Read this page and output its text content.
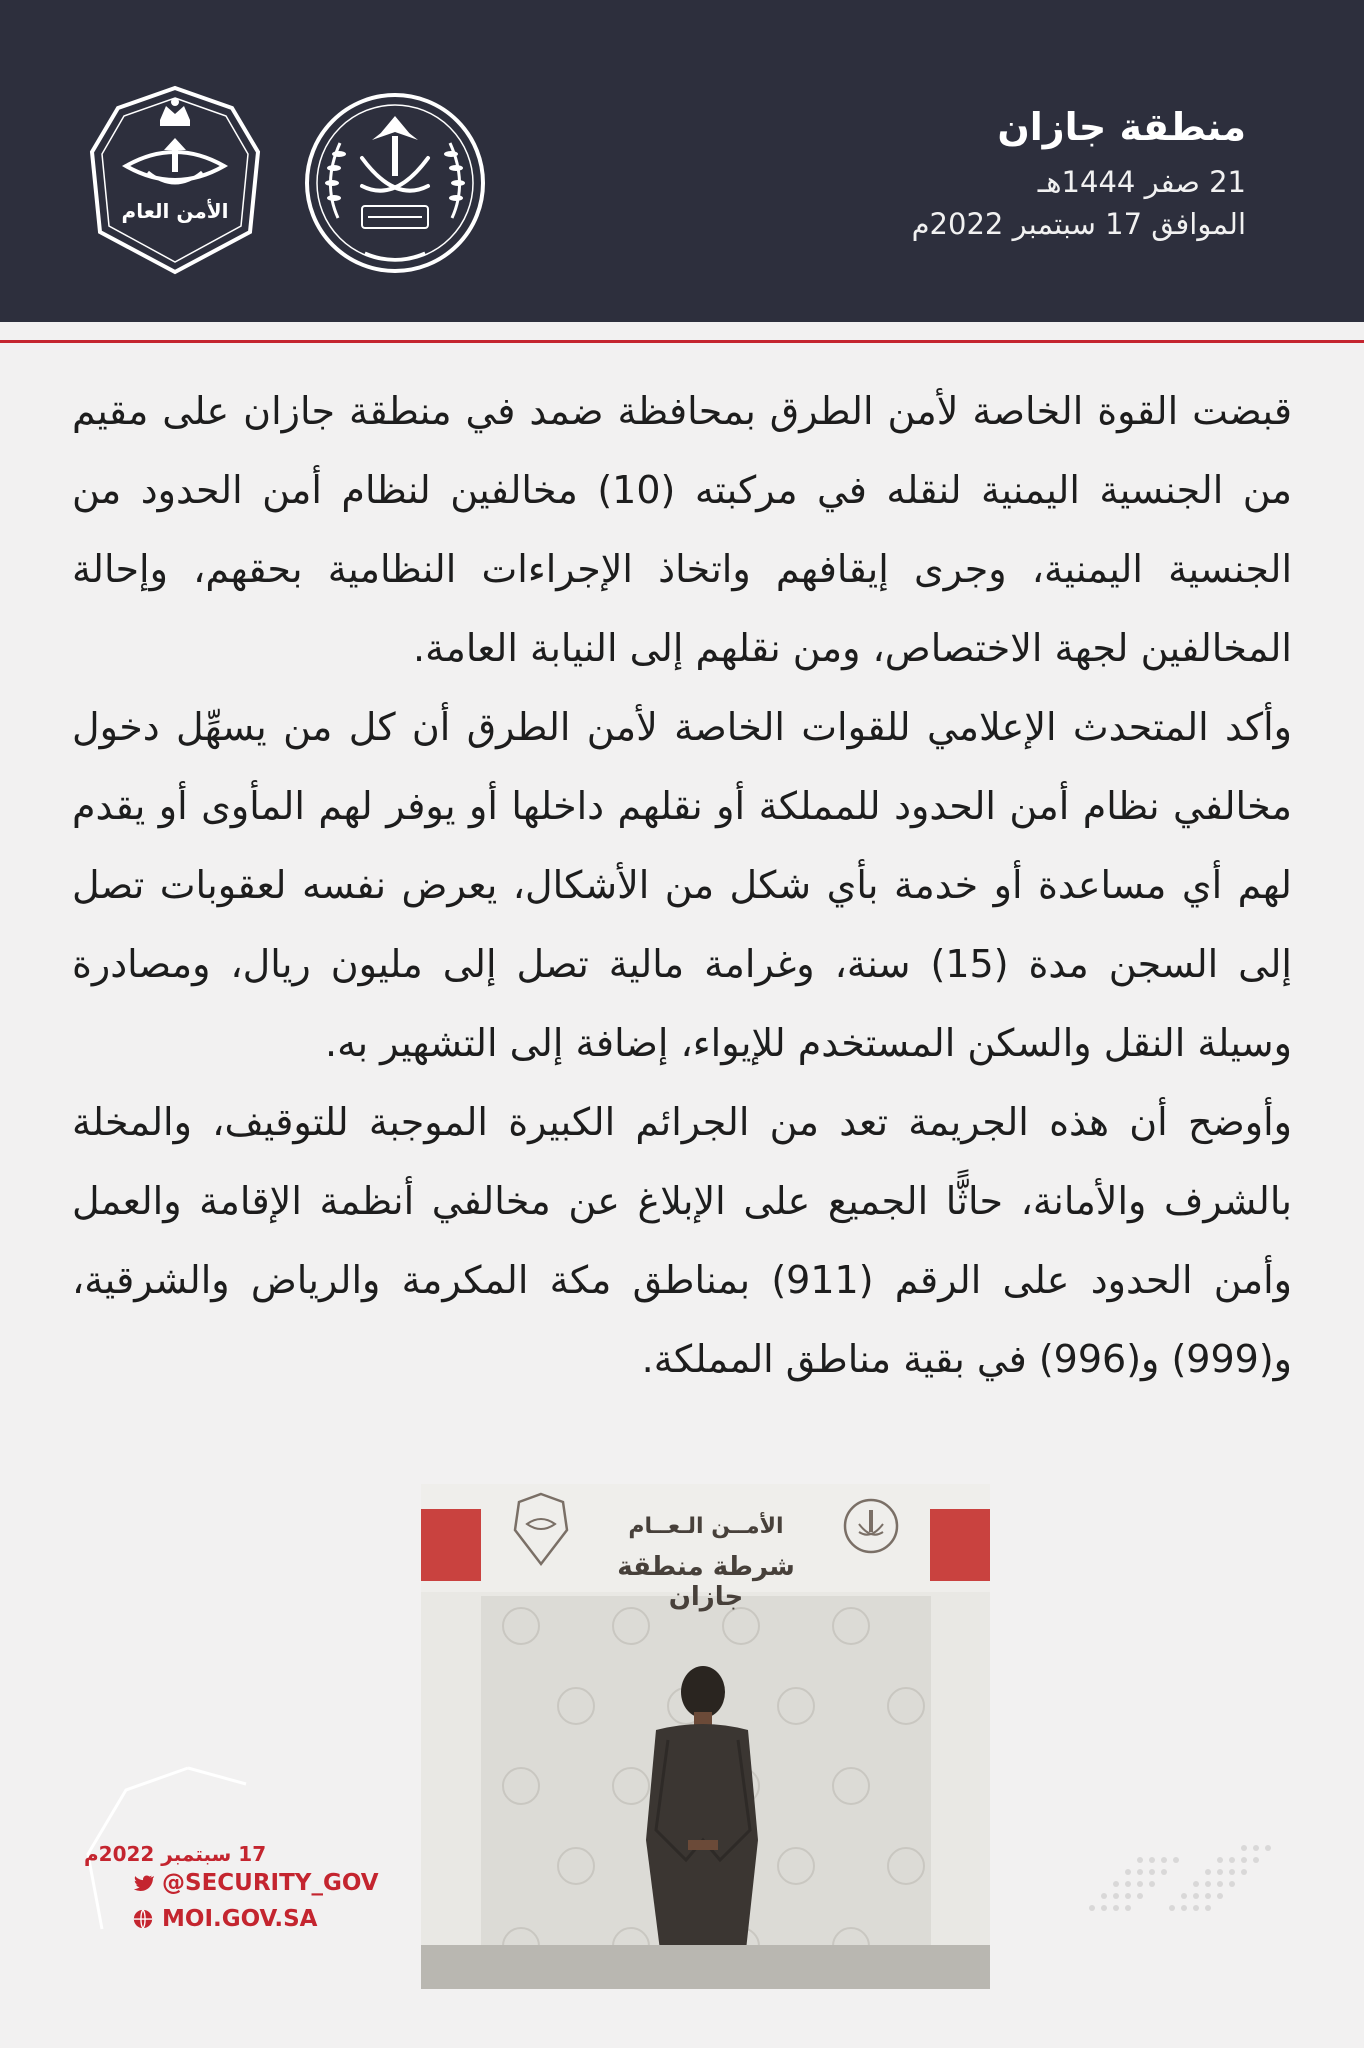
منطقة جازان
21 صفر 1444هـ
الموافق 17 سبتمبر 2022م
الأمن العام

قبضت القوة الخاصة لأمن الطرق بمحافظة ضمد في منطقة جازان على مقيم من الجنسية اليمنية لنقله في مركبته (10) مخالفين لنظام أمن الحدود من الجنسية اليمنية، وجرى إيقافهم واتخاذ الإجراءات النظامية بحقهم، وإحالة المخالفين لجهة الاختصاص، ومن نقلهم إلى النيابة العامة.

وأكد المتحدث الإعلامي للقوات الخاصة لأمن الطرق أن كل من يسهِّل دخول مخالفي نظام أمن الحدود للمملكة أو نقلهم داخلها أو يوفر لهم المأوى أو يقدم لهم أي مساعدة أو خدمة بأي شكل من الأشكال، يعرض نفسه لعقوبات تصل إلى السجن مدة (15) سنة، وغرامة مالية تصل إلى مليون ريال، ومصادرة وسيلة النقل والسكن المستخدم للإيواء، إضافة إلى التشهير به.

وأوضح أن هذه الجريمة تعد من الجرائم الكبيرة الموجبة للتوقيف، والمخلة بالشرف والأمانة، حاثًّا الجميع على الإبلاغ عن مخالفي أنظمة الإقامة والعمل وأمن الحدود على الرقم (911) بمناطق مكة المكرمة والرياض والشرقية، و(999) و(996) في بقية مناطق المملكة.

الأمــن الـعــام
شرطة منطقة جازان
17 سبتمبر 2022م
@SECURITY_GOV
MOI.GOV.SA
